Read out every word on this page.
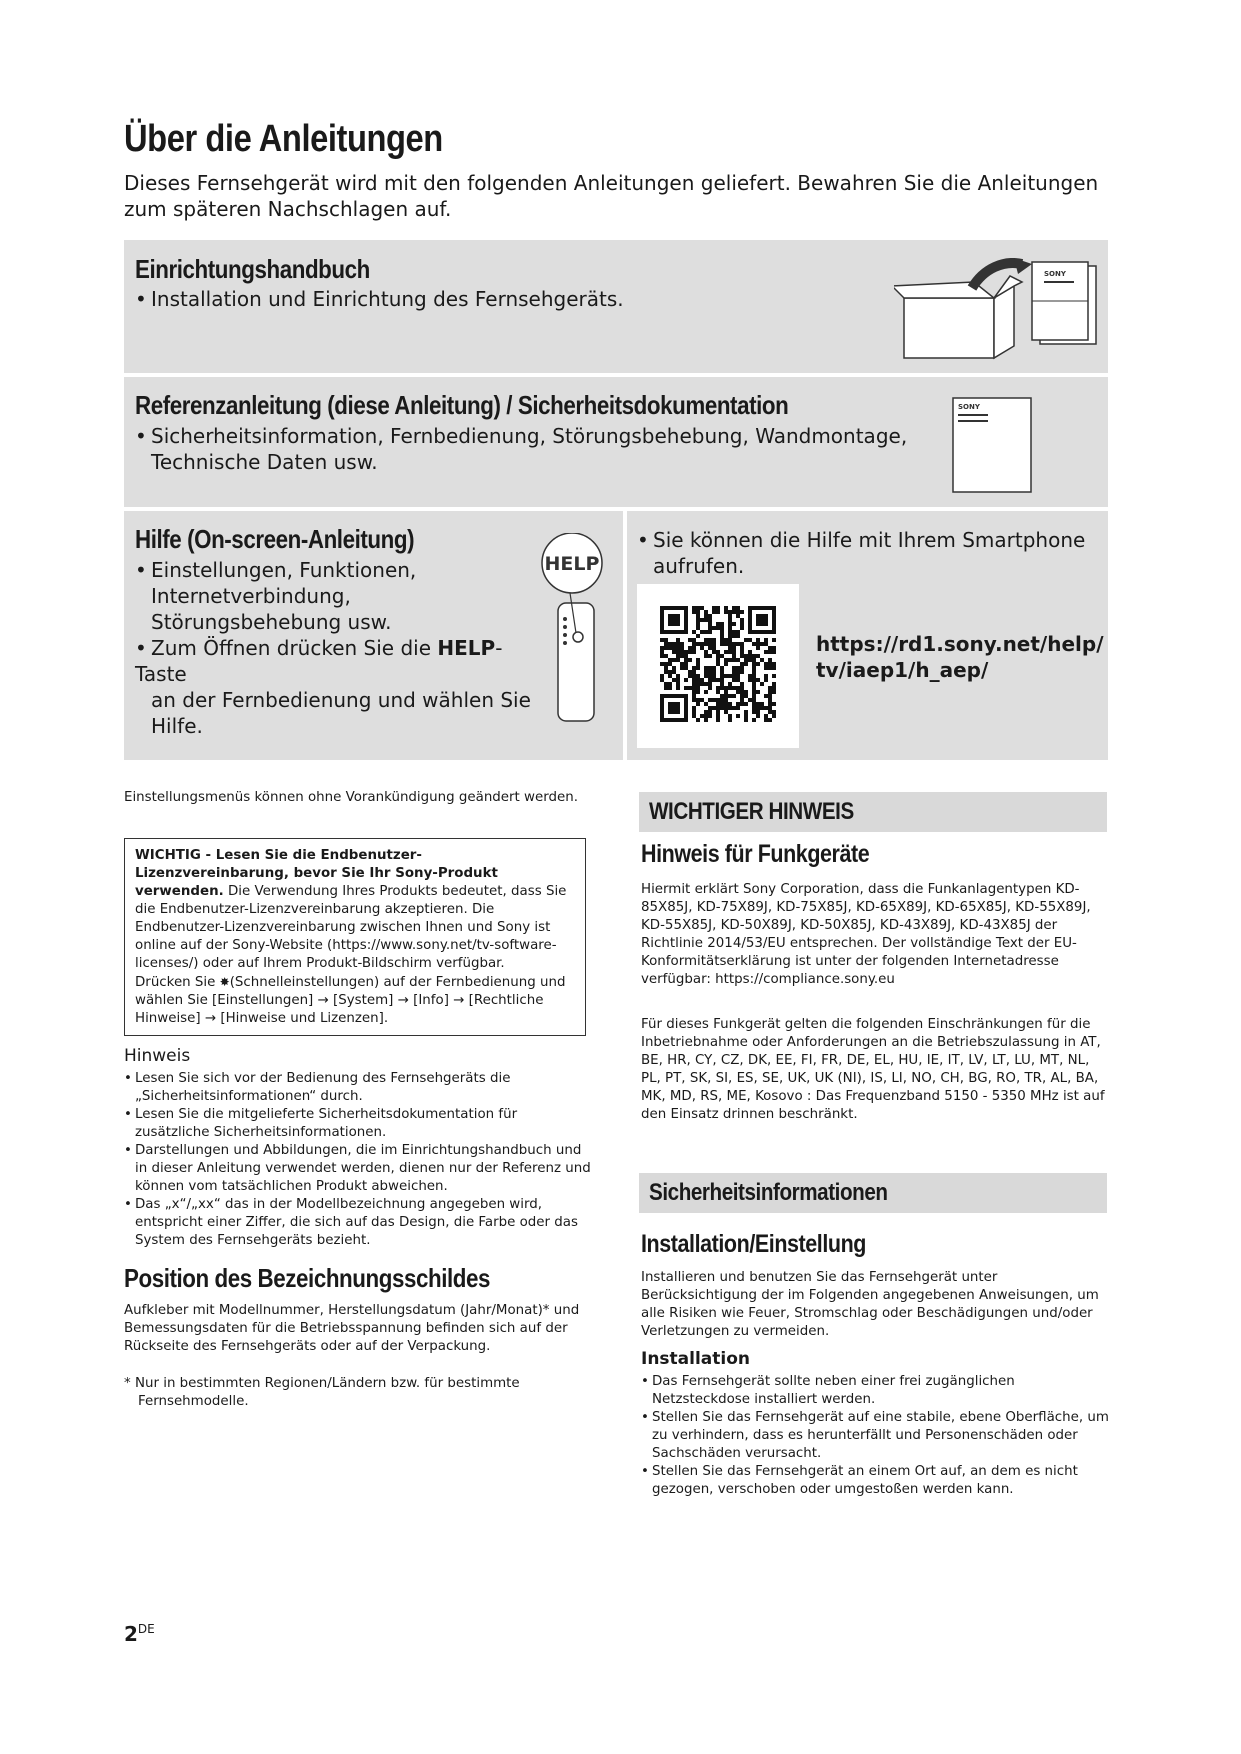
Über die Anleitungen
Dieses Fernsehgerät wird mit den folgenden Anleitungen geliefert. Bewahren Sie die Anleitungen zum späteren Nachschlagen auf.
Einrichtungshandbuch
• Installation und Einrichtung des Fernsehgeräts.
SONY
Referenzanleitung (diese Anleitung) / Sicherheitsdokumentation
• Sicherheitsinformation, Fernbedienung, Störungsbehebung, Wandmontage,
Technische Daten usw.
SONY
Hilfe (On-screen-Anleitung)
• Einstellungen, Funktionen,
Internetverbindung,
Störungsbehebung usw.
• Zum Öffnen drücken Sie die HELP-Taste
an der Fernbedienung und wählen Sie
Hilfe.
HELP
• Sie können die Hilfe mit Ihrem Smartphone
aufrufen.
https://rd1.sony.net/help/
tv/iaep1/h_aep/
Einstellungsmenüs können ohne Vorankündigung geändert werden.
WICHTIG - Lesen Sie die Endbenutzer-Lizenzvereinbarung, bevor Sie Ihr Sony-Produkt verwenden. Die Verwendung Ihres Produkts bedeutet, dass Sie die Endbenutzer-Lizenzvereinbarung akzeptieren. Die Endbenutzer-Lizenzvereinbarung zwischen Ihnen und Sony ist online auf der Sony-Website (https://www.sony.net/tv-software-licenses/) oder auf Ihrem Produkt-Bildschirm verfügbar.
Drücken Sie ✸(Schnelleinstellungen) auf der Fernbedienung und wählen Sie [Einstellungen] → [System] → [Info] → [Rechtliche Hinweise] → [Hinweise und Lizenzen].
Hinweis
• Lesen Sie sich vor der Bedienung des Fernsehgeräts die „Sicherheitsinformationen“ durch.
• Lesen Sie die mitgelieferte Sicherheitsdokumentation für zusätzliche Sicherheitsinformationen.
• Darstellungen und Abbildungen, die im Einrichtungshandbuch und in dieser Anleitung verwendet werden, dienen nur der Referenz und können vom tatsächlichen Produkt abweichen.
• Das „x“/„xx“ das in der Modellbezeichnung angegeben wird, entspricht einer Ziffer, die sich auf das Design, die Farbe oder das System des Fernsehgeräts bezieht.
Position des Bezeichnungsschildes
Aufkleber mit Modellnummer, Herstellungsdatum (Jahr/Monat)* und Bemessungsdaten für die Betriebsspannung befinden sich auf der Rückseite des Fernsehgeräts oder auf der Verpackung.
* Nur in bestimmten Regionen/Ländern bzw. für bestimmte Fernsehmodelle.
WICHTIGER HINWEIS
Hinweis für Funkgeräte
Hiermit erklärt Sony Corporation, dass die Funkanlagentypen KD-85X85J, KD-75X89J, KD-75X85J, KD-65X89J, KD-65X85J, KD-55X89J, KD-55X85J, KD-50X89J, KD-50X85J, KD-43X89J, KD-43X85J der Richtlinie 2014/53/EU entsprechen. Der vollständige Text der EU-Konformitätserklärung ist unter der folgenden Internetadresse verfügbar: https://compliance.sony.eu
Für dieses Funkgerät gelten die folgenden Einschränkungen für die Inbetriebnahme oder Anforderungen an die Betriebszulassung in AT, BE, HR, CY, CZ, DK, EE, FI, FR, DE, EL, HU, IE, IT, LV, LT, LU, MT, NL, PL, PT, SK, SI, ES, SE, UK, UK (NI), IS, LI, NO, CH, BG, RO, TR, AL, BA, MK, MD, RS, ME, Kosovo : Das Frequenzband 5150 - 5350 MHz ist auf den Einsatz drinnen beschränkt.
Sicherheitsinformationen
Installation/Einstellung
Installieren und benutzen Sie das Fernsehgerät unter Berücksichtigung der im Folgenden angegebenen Anweisungen, um alle Risiken wie Feuer, Stromschlag oder Beschädigungen und/oder Verletzungen zu vermeiden.
Installation
• Das Fernsehgerät sollte neben einer frei zugänglichen Netzsteckdose installiert werden.
• Stellen Sie das Fernsehgerät auf eine stabile, ebene Oberfläche, um zu verhindern, dass es herunterfällt und Personenschäden oder Sachschäden verursacht.
• Stellen Sie das Fernsehgerät an einem Ort auf, an dem es nicht gezogen, verschoben oder umgestoßen werden kann.
2DE
